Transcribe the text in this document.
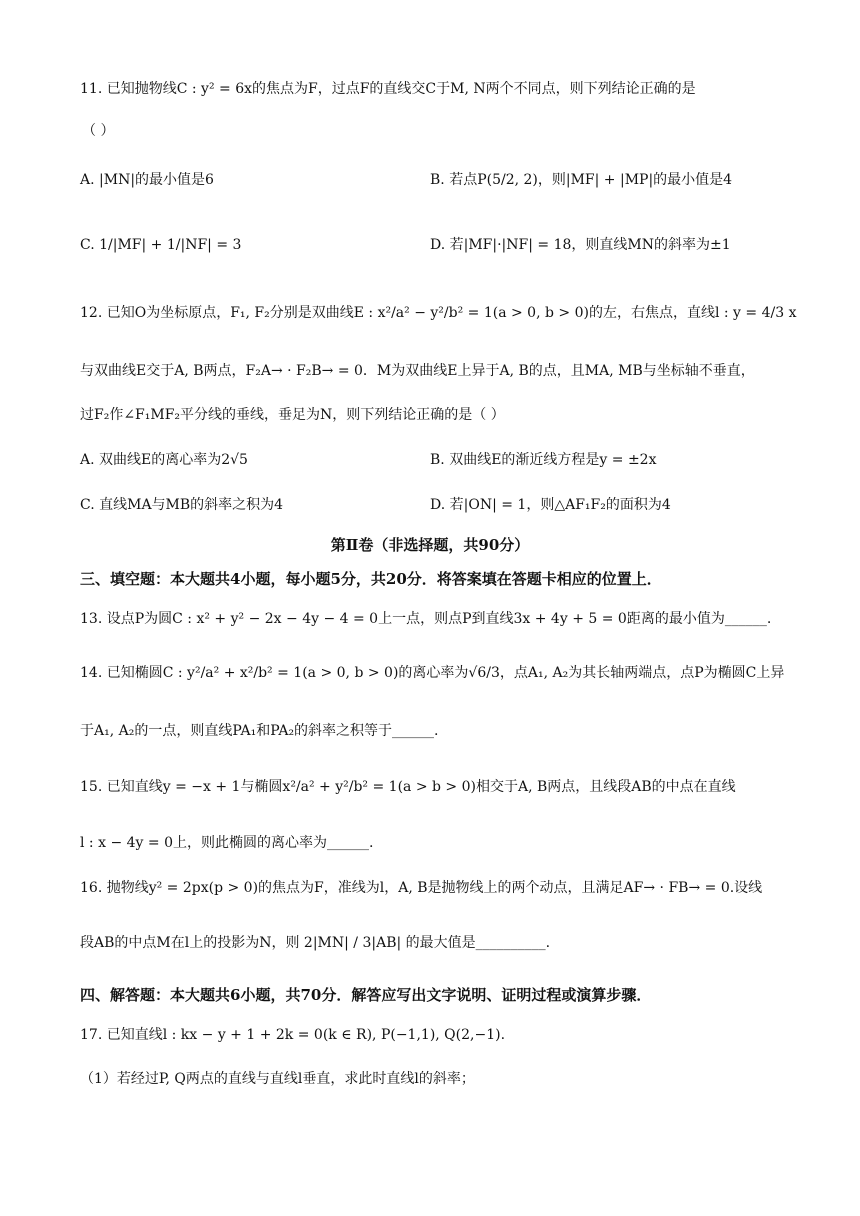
11. 已知抛物线C : y² = 6x的焦点为F，过点F的直线交C于M, N两个不同点，则下列结论正确的是
（ ）
A. |MN|的最小值是6	B. 若点P(5/2, 2)，则|MF| + |MP|的最小值是4
C. 1/|MF| + 1/|NF| = 3	D. 若|MF|·|NF| = 18，则直线MN的斜率为±1
12. 已知O为坐标原点，F₁, F₂分别是双曲线E : x²/a² − y²/b² = 1(a > 0, b > 0)的左，右焦点，直线l : y = 4/3 x
与双曲线E交于A, B两点，F₂A→ · F₂B→ = 0．M为双曲线E上异于A, B的点，且MA, MB与坐标轴不垂直，
过F₂作∠F₁MF₂平分线的垂线，垂足为N，则下列结论正确的是（ ）
A. 双曲线E的离心率为2√5	B. 双曲线E的渐近线方程是y = ±2x
C. 直线MA与MB的斜率之积为4	D. 若|ON| = 1，则△AF₁F₂的面积为4
第Ⅱ卷（非选择题，共90分）
三、填空题：本大题共4小题，每小题5分，共20分．将答案填在答题卡相应的位置上．
13. 设点P为圆C : x² + y² − 2x − 4y − 4 = 0上一点，则点P到直线3x + 4y + 5 = 0距离的最小值为______.
14. 已知椭圆C : y²/a² + x²/b² = 1(a > 0, b > 0)的离心率为√6/3，点A₁, A₂为其长轴两端点，点P为椭圆C上异
于A₁, A₂的一点，则直线PA₁和PA₂的斜率之积等于______.
15. 已知直线y = −x + 1与椭圆x²/a² + y²/b² = 1(a > b > 0)相交于A, B两点，且线段AB的中点在直线
l : x − 4y = 0上，则此椭圆的离心率为______.
16. 抛物线y² = 2px(p > 0)的焦点为F，准线为l，A, B是抛物线上的两个动点，且满足AF→ · FB→ = 0.设线
段AB的中点M在l上的投影为N，则 2|MN| / 3|AB| 的最大值是__________.
四、解答题：本大题共6小题，共70分．解答应写出文字说明、证明过程或演算步骤．
17. 已知直线l : kx − y + 1 + 2k = 0(k ∈ R), P(−1,1), Q(2,−1).
（1）若经过P, Q两点的直线与直线l垂直，求此时直线l的斜率；
